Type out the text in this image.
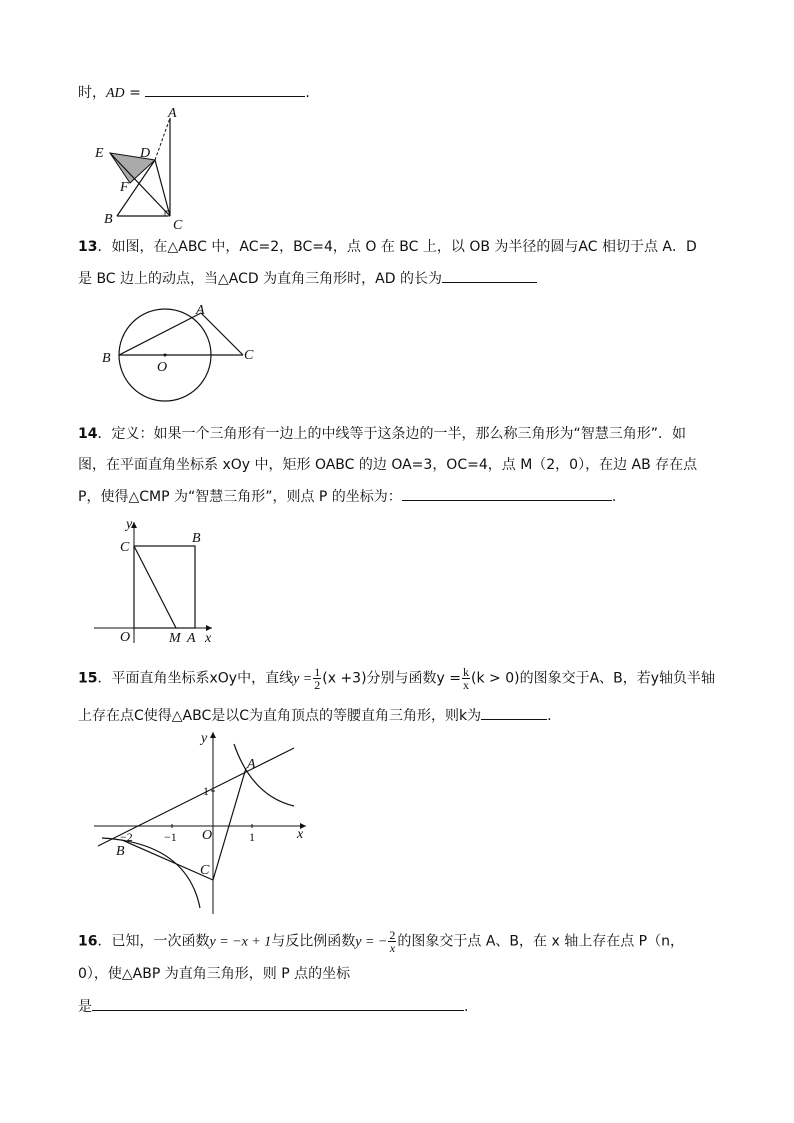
时，AD =	.
A
E	D
F
B	C
13．如图，在△ABC 中，AC=2，BC=4，点 O 在 BC 上，以 OB 为半径的圆与AC 相切于点 A．D
是 BC 边上的动点，当△ACD 为直角三角形时，AD 的长为
B
A
C
O
14．定义：如果一个三角形有一边上的中线等于这条边的一半，那么称三角形为“智慧三角形”．如
图，在平面直角坐标系 xOy 中，矩形 OABC 的边 OA=3，OC=4，点 M（2，0），在边 AB 存在点
P，使得△CMP 为“智慧三角形”，则点 P 的坐标为：	.
y
x
C
B
O	M A
15．平面直角坐标系xOy中，直线$y = \frac{1}{2} (x +3)$分别与函数$y = \frac{k}{x} (k > 0)$的图象交于A、B，若y轴负半轴
上存在点C使得△ABC是以C为直角顶点的等腰直角三角形，则k为	.
y
x
A
B
C
O	1
−1
−2
1
16．已知，一次函数y = −x + 1与反比例函数y = − $\frac{2}{x}$ 的图象交于点 A、B，在 x 轴上存在点 P（n，
0），使△ABP 为直角三角形，则 P 点的坐标
是	.
